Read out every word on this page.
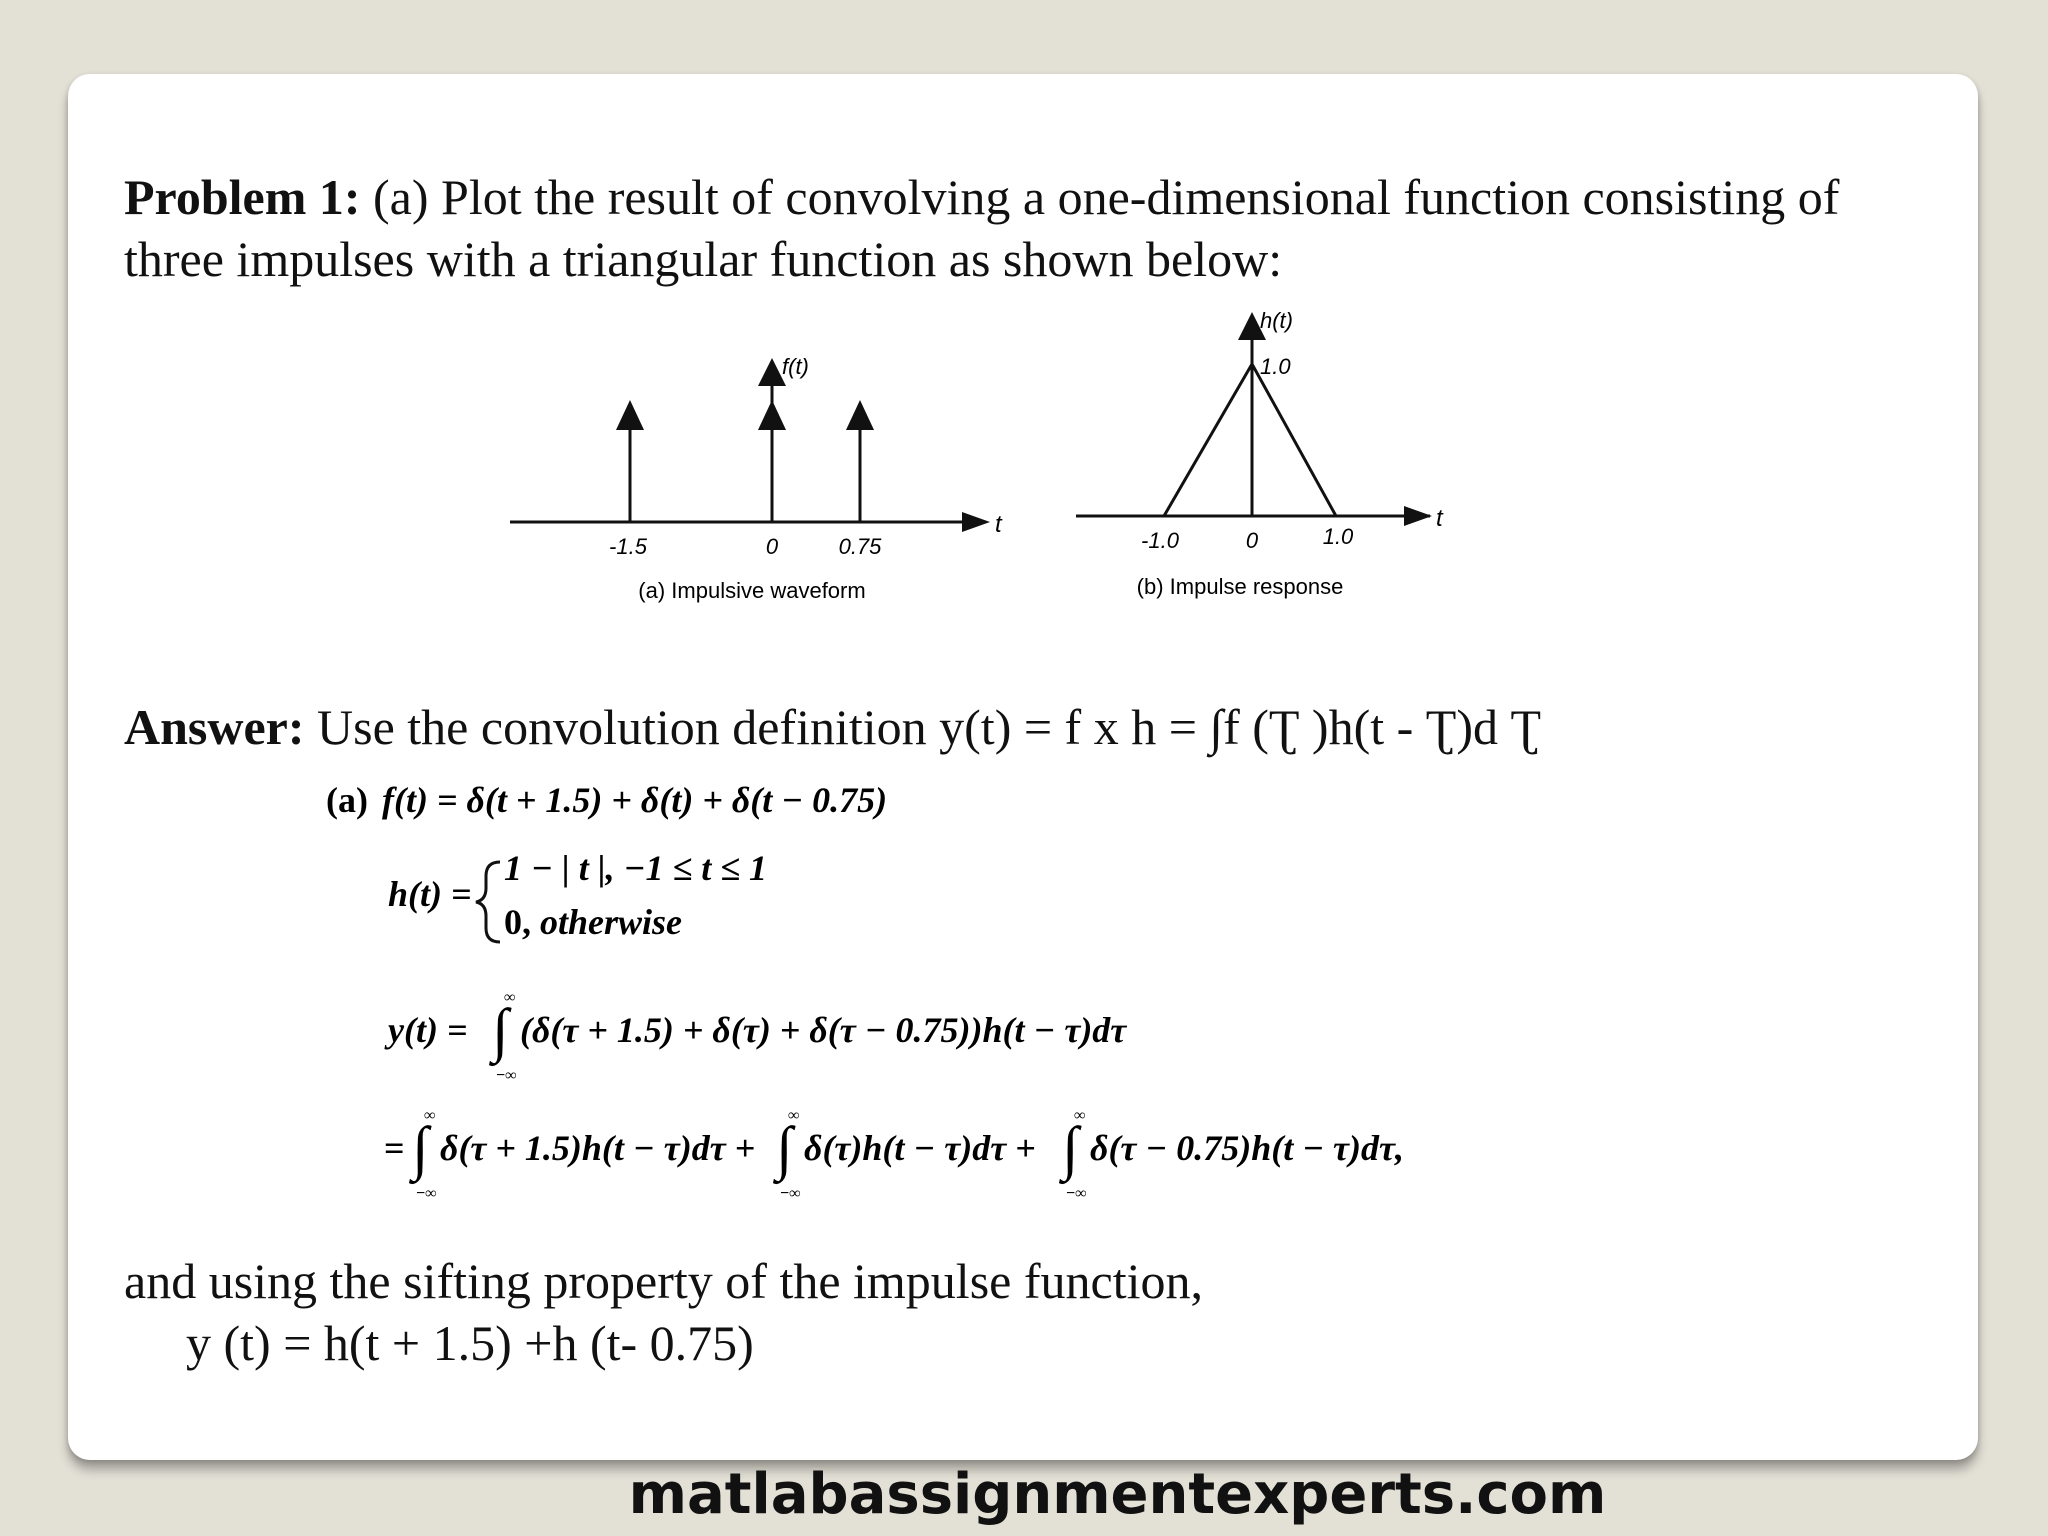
Problem 1: (a) Plot the result of convolving a one-dimensional function consisting of
three impulses with a triangular function as shown below:

t
f(t)
-1.5	0	0.75
(a) Impulsive waveform
t
h(t)
1.0
-1.0	0	1.0
(b) Impulse response

Answer: Use the convolution definition y(t) = f x h = ∫f (Ʈ )h(t - Ʈ)d Ʈ

(a) f(t) = δ(t + 1.5) + δ(t) + δ(t − 0.75)
h(t) =
1 − | t |, −1 ≤ t ≤ 1
0, otherwise
y(t) =
∞
∫
−∞
(δ(τ + 1.5) + δ(τ) + δ(τ − 0.75))h(t − τ)dτ
=
∞
∫
−∞
δ(τ + 1.5)h(t − τ)dτ +
∞
∫
−∞
δ(τ)h(t − τ)dτ +
∞
∫
−∞
δ(τ − 0.75)h(t − τ)dτ,

and using the sifting property of the impulse function,

y (t) = h(t + 1.5) +h (t- 0.75)

matlabassignmentexperts.com
